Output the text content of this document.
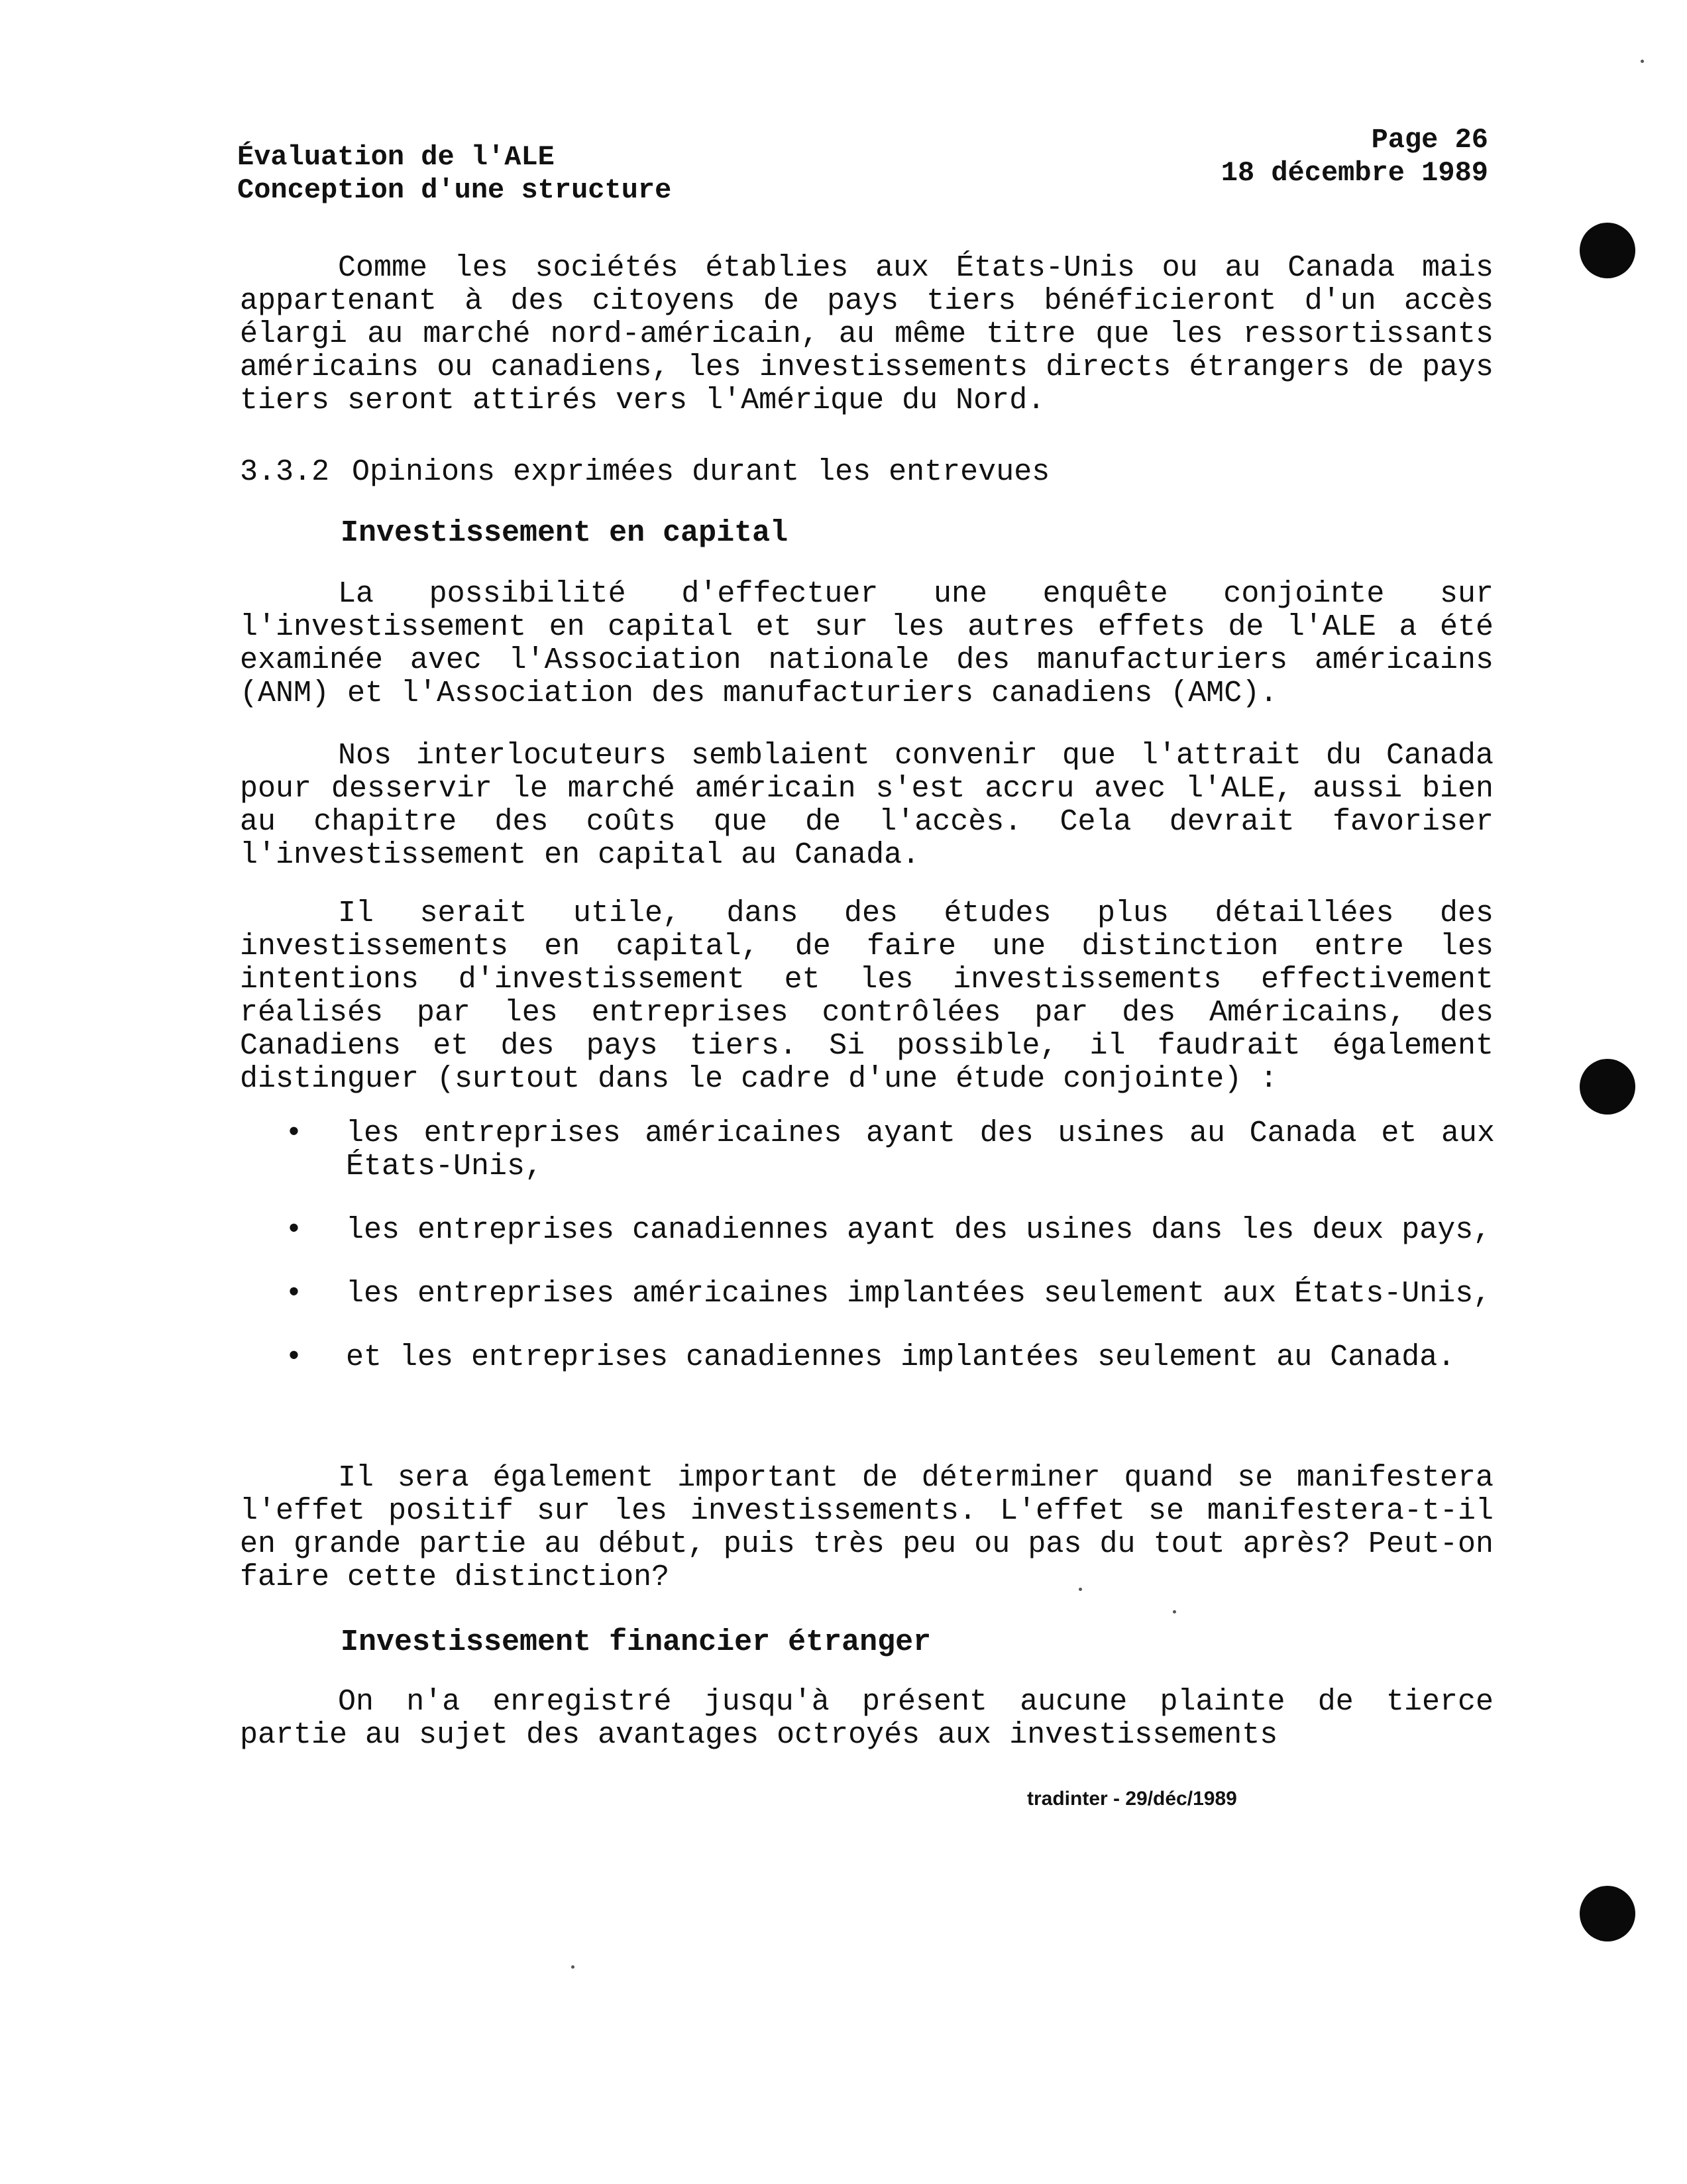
Évaluation de l'ALE
Conception d'une structure
Page 26
18 décembre 1989

Comme les sociétés établies aux États-Unis ou au Canada mais appartenant à des citoyens de pays tiers bénéficieront d'un accès élargi au marché nord-américain, au même titre que les ressortissants américains ou canadiens, les investissements directs étrangers de pays tiers seront attirés vers l'Amérique du Nord.

3.3.2 Opinions exprimées durant les entrevues
Investissement en capital

La possibilité d'effectuer une enquête conjointe sur l'investissement en capital et sur les autres effets de l'ALE a été examinée avec l'Association nationale des manufacturiers américains (ANM) et l'Association des manufacturiers canadiens (AMC).

Nos interlocuteurs semblaient convenir que l'attrait du Canada pour desservir le marché américain s'est accru avec l'ALE, aussi bien au chapitre des coûts que de l'accès. Cela devrait favoriser l'investissement en capital au Canada.

Il serait utile, dans des études plus détaillées des investissements en capital, de faire une distinction entre les intentions d'investissement et les investissements effectivement réalisés par les entreprises contrôlées par des Américains, des Canadiens et des pays tiers. Si possible, il faudrait également distinguer (surtout dans le cadre d'une étude conjointe) :

• les entreprises américaines ayant des usines au Canada et aux États-Unis,
• les entreprises canadiennes ayant des usines dans les deux pays,
• les entreprises américaines implantées seulement aux États-Unis,
• et les entreprises canadiennes implantées seulement au Canada.

Il sera également important de déterminer quand se manifestera l'effet positif sur les investissements. L'effet se manifestera-t-il en grande partie au début, puis très peu ou pas du tout après? Peut-on faire cette distinction?

Investissement financier étranger

On n'a enregistré jusqu'à présent aucune plainte de tierce partie au sujet des avantages octroyés aux investissements

tradinter - 29/déc/1989
